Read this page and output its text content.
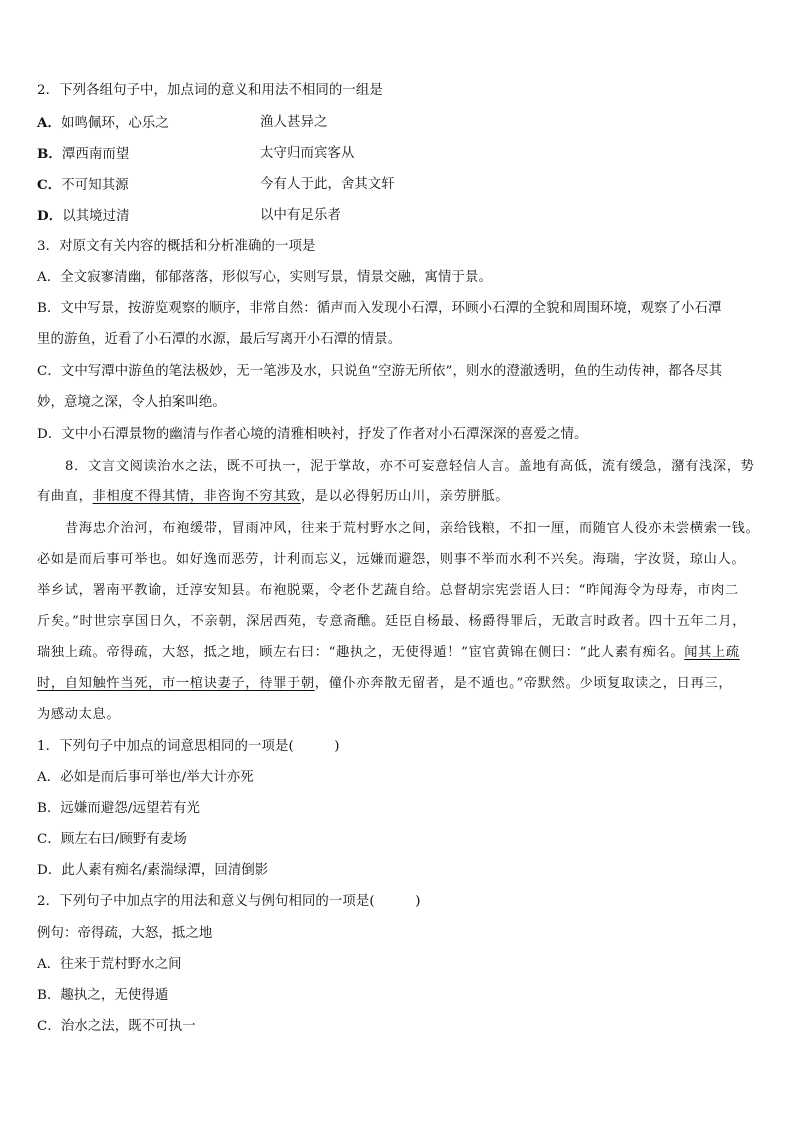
2．下列各组句子中，加点词的意义和用法不相同的一组是
A．如鸣佩环，心乐之	渔人甚异之
B．潭西南而望	太守归而宾客从
C．不可知其源	今有人于此，舍其文轩
D．以其境过清	以中有足乐者
3．对原文有关内容的概括和分析准确的一项是
A．全文寂寥清幽，郁郁落落，形似写心，实则写景，情景交融，寓情于景。
B．文中写景，按游览观察的顺序，非常自然：循声而入发现小石潭，环顾小石潭的全貌和周围环境，观察了小石潭
里的游鱼，近看了小石潭的水源，最后写离开小石潭的情景。
C．文中写潭中游鱼的笔法极妙，无一笔涉及水，只说鱼“空游无所依”，则水的澄澈透明，鱼的生动传神，都各尽其
妙，意境之深，令人拍案叫绝。
D．文中小石潭景物的幽清与作者心境的清雅相映衬，抒发了作者对小石潭深深的喜爱之情。
8．文言文阅读治水之法，既不可执一，泥于掌故，亦不可妄意轻信人言。盖地有高低，流有缓急，潴有浅深，势
有曲直，非相度不得其情，非咨询不穷其致，是以必得躬历山川，亲劳胼胝。
昔海忠介治河，布袍缓带，冒雨冲风，往来于荒村野水之间，亲给钱粮，不扣一厘，而随官人役亦未尝横索一钱。
必如是而后事可举也。如好逸而恶劳，计利而忘义，远嫌而避怨，则事不举而水利不兴矣。海瑞，字汝贤，琼山人。
举乡试，署南平教谕，迁淳安知县。布袍脱粟，令老仆艺蔬自给。总督胡宗宪尝语人曰：“昨闻海令为母寿，市肉二
斤矣。”时世宗享国日久，不亲朝，深居西苑，专意斋醮。廷臣自杨最、杨爵得罪后，无敢言时政者。四十五年二月，
瑞独上疏。帝得疏，大怒，抵之地，顾左右曰：“趣执之，无使得遁！”宦官黄锦在侧曰：“此人素有痴名。闻其上疏
时，自知触忤当死，市一棺诀妻子，待罪于朝，僮仆亦奔散无留者，是不遁也。”帝默然。少顷复取读之，日再三，
为感动太息。
1．下列句子中加点的词意思相同的一项是(　　　)
A．必如是而后事可举也/举大计亦死
B．远嫌而避怨/远望若有光
C．顾左右曰/顾野有麦场
D．此人素有痴名/素湍绿潭，回清倒影
2．下列句子中加点字的用法和意义与例句相同的一项是(　　　)
例句：帝得疏，大怒，抵之地
A．往来于荒村野水之间
B．趣执之，无使得遁
C．治水之法，既不可执一
